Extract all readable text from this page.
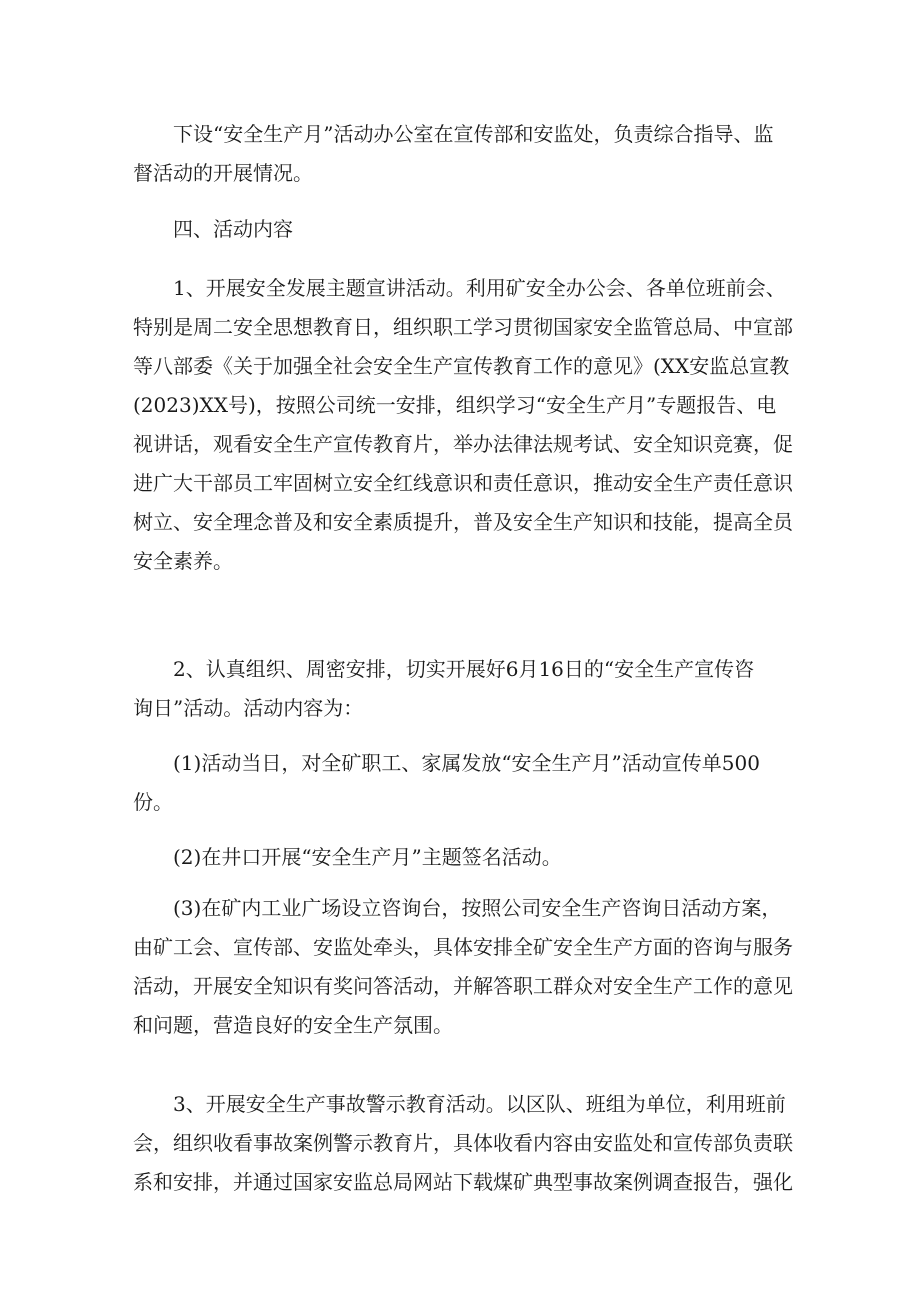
　　下设“安全生产月”活动办公室在宣传部和安监处，负责综合指导、监
督活动的开展情况。

　　四、活动内容

　　1、开展安全发展主题宣讲活动。利用矿安全办公会、各单位班前会、
特别是周二安全思想教育日，组织职工学习贯彻国家安全监管总局、中宣部
等八部委《关于加强全社会安全生产宣传教育工作的意见》(XX安监总宣教
(2023)XX号)，按照公司统一安排，组织学习“安全生产月”专题报告、电
视讲话，观看安全生产宣传教育片，举办法律法规考试、安全知识竞赛，促
进广大干部员工牢固树立安全红线意识和责任意识，推动安全生产责任意识
树立、安全理念普及和安全素质提升，普及安全生产知识和技能，提高全员
安全素养。

　　2、认真组织、周密安排，切实开展好6月16日的“安全生产宣传咨
询日”活动。活动内容为：

　　(1)活动当日，对全矿职工、家属发放“安全生产月”活动宣传单500
份。

　　(2)在井口开展“安全生产月”主题签名活动。

　　(3)在矿内工业广场设立咨询台，按照公司安全生产咨询日活动方案，
由矿工会、宣传部、安监处牵头，具体安排全矿安全生产方面的咨询与服务
活动，开展安全知识有奖问答活动，并解答职工群众对安全生产工作的意见
和问题，营造良好的安全生产氛围。

　　3、开展安全生产事故警示教育活动。以区队、班组为单位，利用班前
会，组织收看事故案例警示教育片，具体收看内容由安监处和宣传部负责联
系和安排，并通过国家安监总局网站下载煤矿典型事故案例调查报告，强化
